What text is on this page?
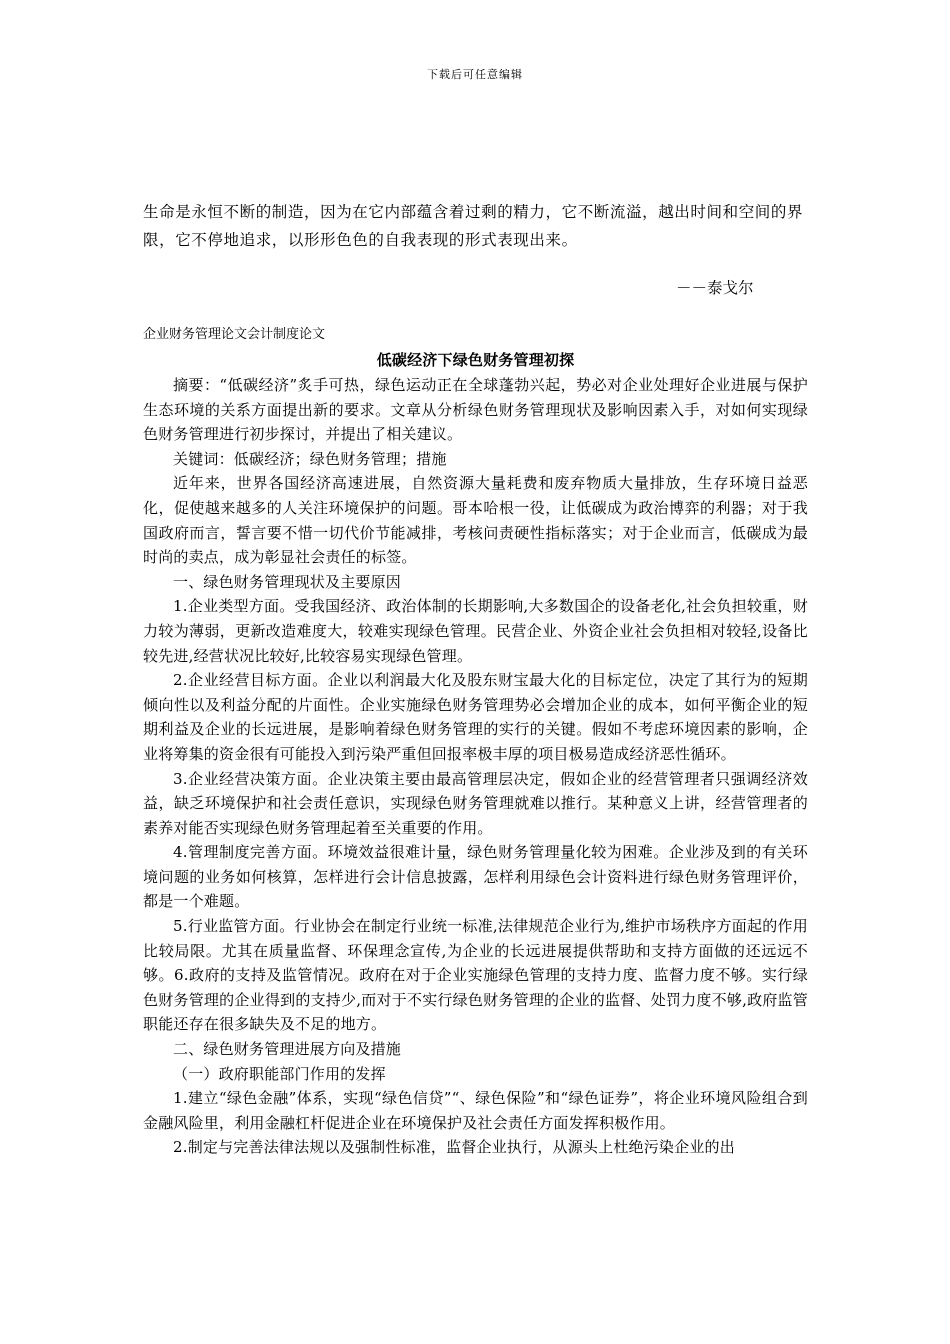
下载后可任意编辑
生命是永恒不断的制造，因为在它内部蕴含着过剩的精力，它不断流溢，越出时间和空间的界限，它不停地追求，以形形色色的自我表现的形式表现出来。
－－泰戈尔
企业财务管理论文会计制度论文
低碳经济下绿色财务管理初探

摘要：“低碳经济”炙手可热，绿色运动正在全球蓬勃兴起，势必对企业处理好企业进展与保护生态环境的关系方面提出新的要求。文章从分析绿色财务管理现状及影响因素入手，对如何实现绿色财务管理进行初步探讨，并提出了相关建议。

关键词：低碳经济；绿色财务管理；措施

近年来，世界各国经济高速进展，自然资源大量耗费和废弃物质大量排放，生存环境日益恶化，促使越来越多的人关注环境保护的问题。哥本哈根一役，让低碳成为政治博弈的利器；对于我国政府而言，誓言要不惜一切代价节能减排，考核问责硬性指标落实；对于企业而言，低碳成为最时尚的卖点，成为彰显社会责任的标签。

一、绿色财务管理现状及主要原因

1.企业类型方面。受我国经济、政治体制的长期影响,大多数国企的设备老化,社会负担较重，财力较为薄弱，更新改造难度大，较难实现绿色管理。民营企业、外资企业社会负担相对较轻,设备比较先进,经营状况比较好,比较容易实现绿色管理。

2.企业经营目标方面。企业以利润最大化及股东财宝最大化的目标定位，决定了其行为的短期倾向性以及利益分配的片面性。企业实施绿色财务管理势必会增加企业的成本，如何平衡企业的短期利益及企业的长远进展，是影响着绿色财务管理的实行的关键。假如不考虑环境因素的影响，企业将筹集的资金很有可能投入到污染严重但回报率极丰厚的项目极易造成经济恶性循环。

3.企业经营决策方面。企业决策主要由最高管理层决定，假如企业的经营管理者只强调经济效益，缺乏环境保护和社会责任意识，实现绿色财务管理就难以推行。某种意义上讲，经营管理者的素养对能否实现绿色财务管理起着至关重要的作用。

4.管理制度完善方面。环境效益很难计量，绿色财务管理量化较为困难。企业涉及到的有关环境问题的业务如何核算，怎样进行会计信息披露，怎样利用绿色会计资料进行绿色财务管理评价，都是一个难题。

5.行业监管方面。行业协会在制定行业统一标准,法律规范企业行为,维护市场秩序方面起的作用比较局限。尤其在质量监督、环保理念宣传,为企业的长远进展提供帮助和支持方面做的还远远不够。6.政府的支持及监管情况。政府在对于企业实施绿色管理的支持力度、监督力度不够。实行绿色财务管理的企业得到的支持少,而对于不实行绿色财务管理的企业的监督、处罚力度不够,政府监管职能还存在很多缺失及不足的地方。

二、绿色财务管理进展方向及措施

（一）政府职能部门作用的发挥

1.建立“绿色金融”体系，实现“绿色信贷”“、绿色保险”和“绿色证券”，将企业环境风险组合到金融风险里，利用金融杠杆促进企业在环境保护及社会责任方面发挥积极作用。

2.制定与完善法律法规以及强制性标准，监督企业执行，从源头上杜绝污染企业的出
